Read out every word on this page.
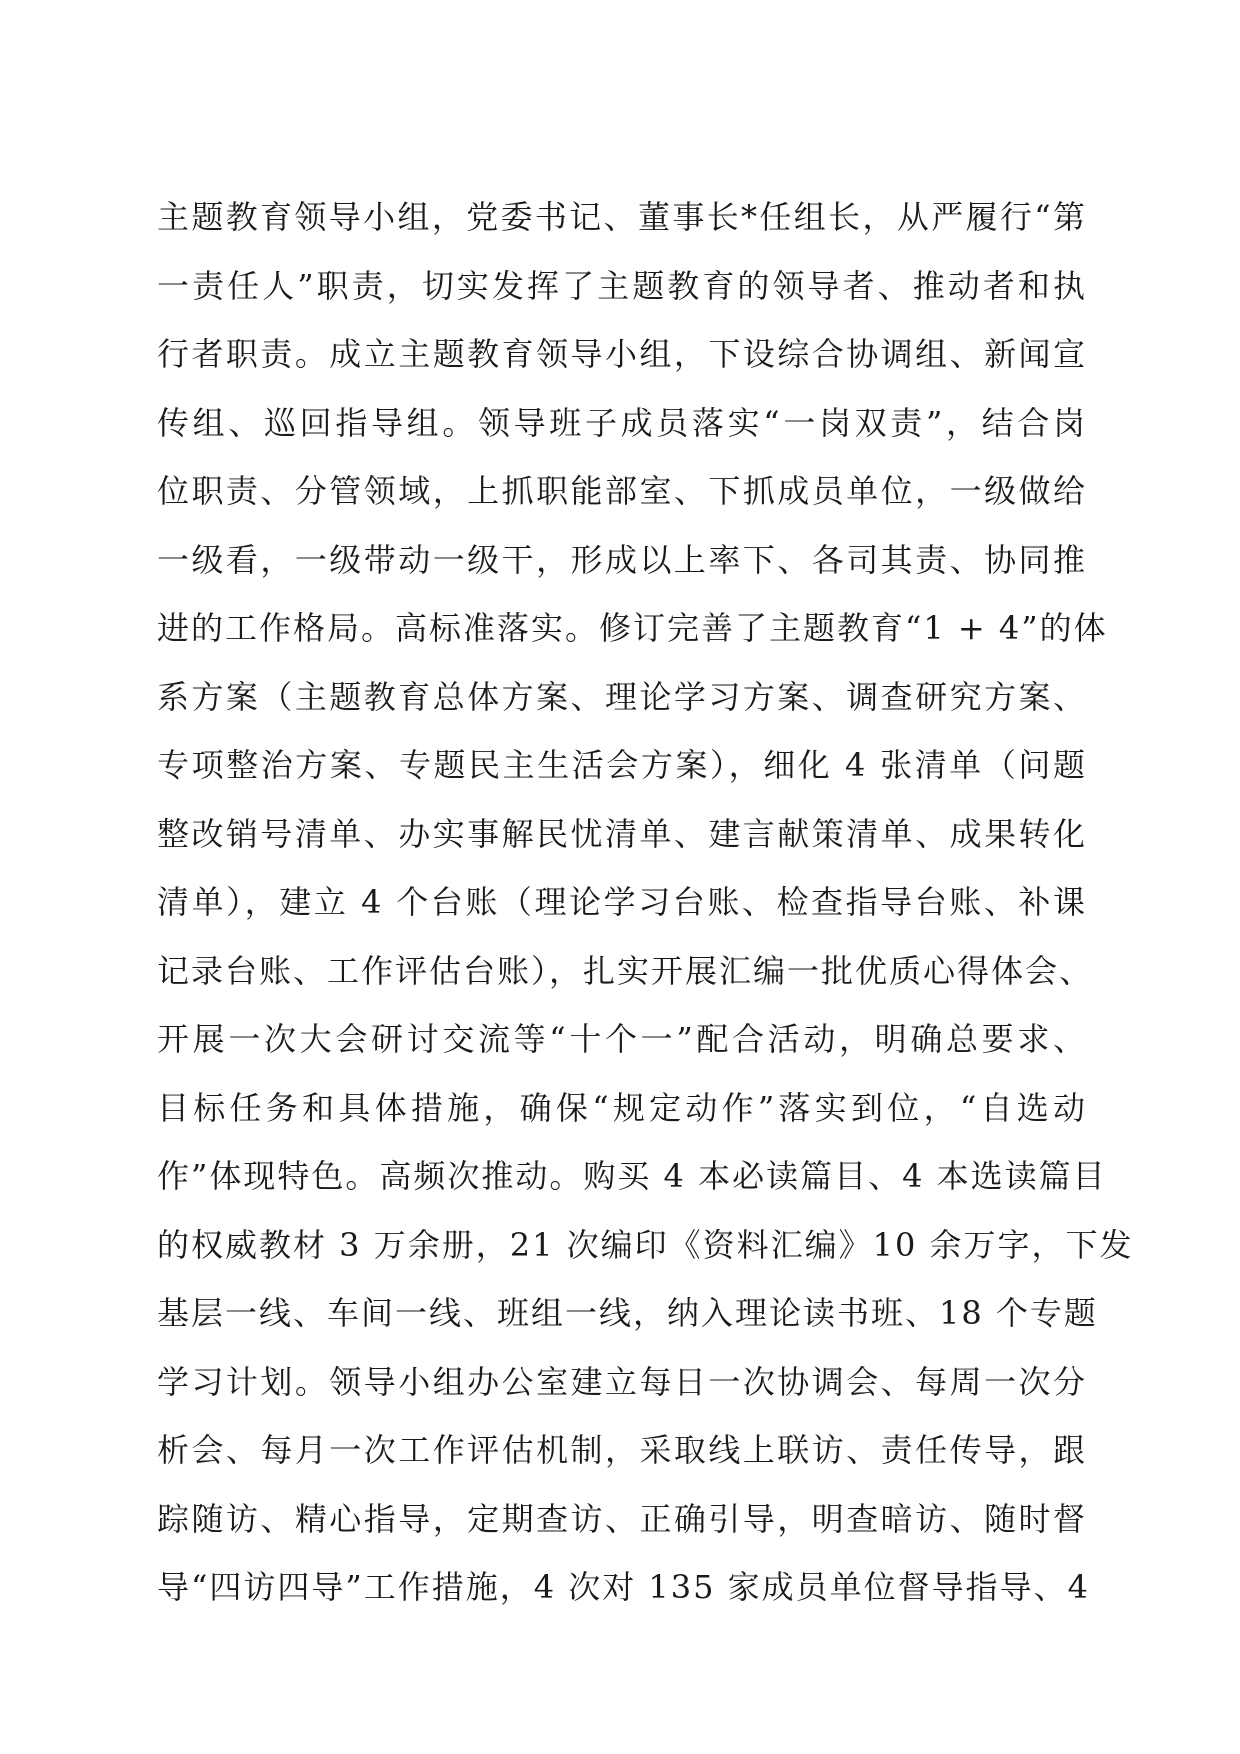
主题教育领导小组，党委书记、董事长*任组长，从严履行“第
一责任人”职责，切实发挥了主题教育的领导者、推动者和执
行者职责。成立主题教育领导小组，下设综合协调组、新闻宣
传组、巡回指导组。领导班子成员落实“一岗双责”，结合岗
位职责、分管领域，上抓职能部室、下抓成员单位，一级做给
一级看，一级带动一级干，形成以上率下、各司其责、协同推
进的工作格局。高标准落实。修订完善了主题教育“1 + 4”的体
系方案（主题教育总体方案、理论学习方案、调查研究方案、
专项整治方案、专题民主生活会方案），细化 4 张清单（问题
整改销号清单、办实事解民忧清单、建言献策清单、成果转化
清单），建立 4 个台账（理论学习台账、检查指导台账、补课
记录台账、工作评估台账），扎实开展汇编一批优质心得体会、
开展一次大会研讨交流等“十个一”配合活动，明确总要求、
目标任务和具体措施，确保“规定动作”落实到位，“自选动
作”体现特色。高频次推动。购买 4 本必读篇目、4 本选读篇目
的权威教材 3 万余册，21 次编印《资料汇编》10 余万字，下发
基层一线、车间一线、班组一线，纳入理论读书班、18 个专题
学习计划。领导小组办公室建立每日一次协调会、每周一次分
析会、每月一次工作评估机制，采取线上联访、责任传导，跟
踪随访、精心指导，定期查访、正确引导，明查暗访、随时督
导“四访四导”工作措施，4 次对 135 家成员单位督导指导、4
